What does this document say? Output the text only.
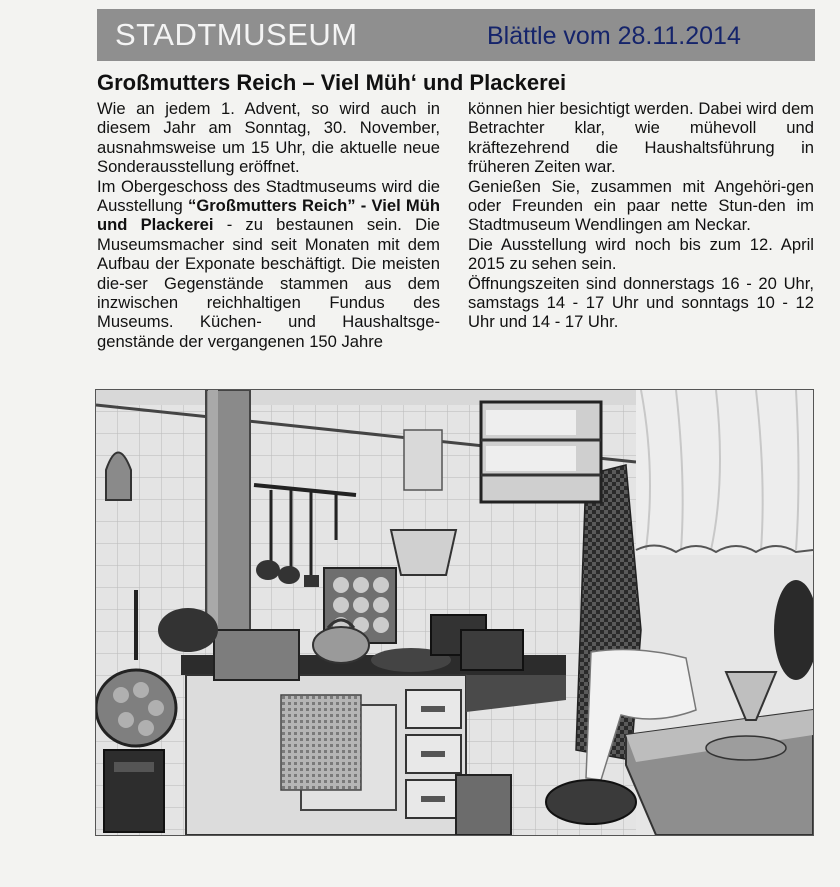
STADTMUSEUM	Blättle vom 28.11.2014
Großmutters Reich – Viel Müh‘ und Plackerei

Wie an jedem 1. Advent, so wird auch in diesem Jahr am Sonntag, 30. November, ausnahmsweise um 15 Uhr, die aktuelle neue Sonderausstellung eröffnet.

Im Obergeschoss des Stadtmuseums wird die Ausstellung “Großmutters Reich” - Viel Müh und Plackerei - zu bestaunen sein. Die Museumsmacher sind seit Monaten mit dem Aufbau der Exponate beschäftigt. Die meisten die-ser Gegenstände stammen aus dem inzwischen reichhaltigen Fundus des Museums. Küchen- und Haushaltsge-genstände der vergangenen 150 Jahre

können hier besichtigt werden. Dabei wird dem Betrachter klar, wie mühevoll und kräftezehrend die Haushaltsführung in früheren Zeiten war.

Genießen Sie, zusammen mit Angehöri-gen oder Freunden ein paar nette Stun-den im Stadtmuseum Wendlingen am Neckar.

Die Ausstellung wird noch bis zum 12. April 2015 zu sehen sein.

Öffnungszeiten sind donnerstags 16 - 20 Uhr, samstags 14 - 17 Uhr und sonntags 10 - 12 Uhr und 14 - 17 Uhr.
